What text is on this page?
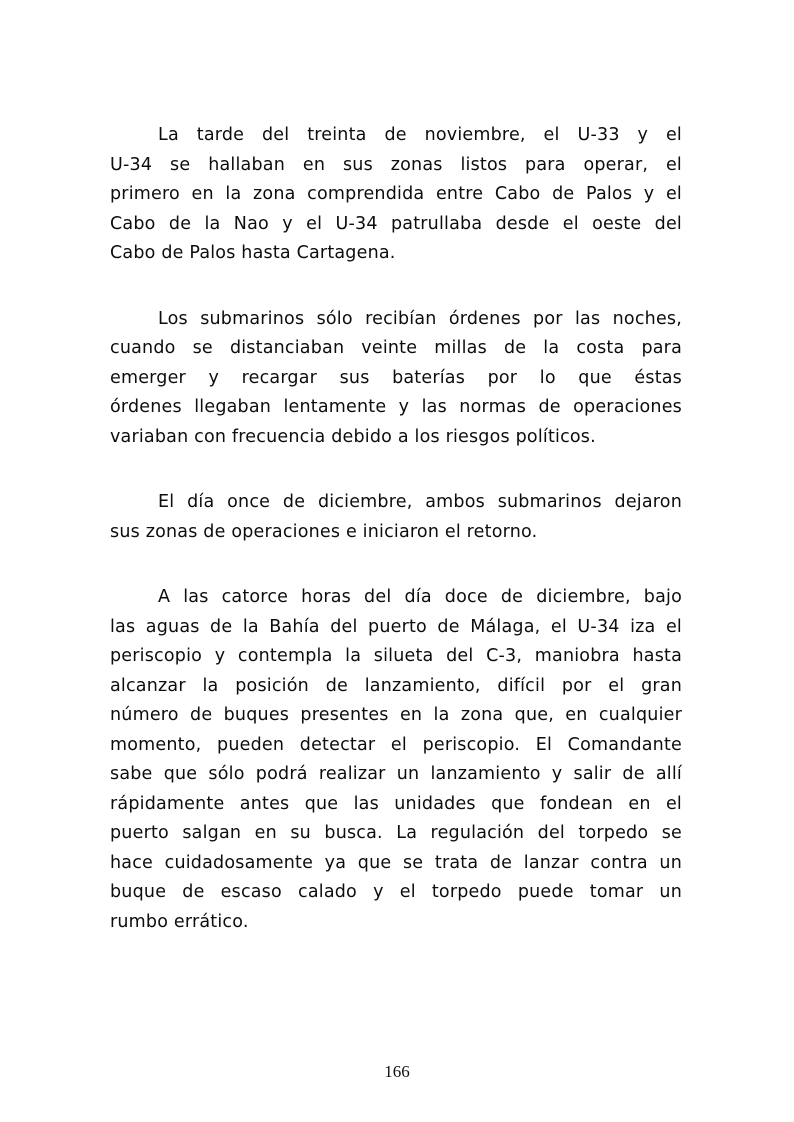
La tarde del treinta de noviembre, el U-33 y el
U-34 se hallaban en sus zonas listos para operar, el
primero en la zona comprendida entre Cabo de Palos y el
Cabo de la Nao y el U-34 patrullaba desde el oeste del
Cabo de Palos hasta Cartagena.
Los submarinos sólo recibían órdenes por las noches,
cuando se distanciaban veinte millas de la costa para
emerger y recargar sus baterías por lo que éstas
órdenes llegaban lentamente y las normas de operaciones
variaban con frecuencia debido a los riesgos políticos.
El día once de diciembre, ambos submarinos dejaron
sus zonas de operaciones e iniciaron el retorno.
A las catorce horas del día doce de diciembre, bajo
las aguas de la Bahía del puerto de Málaga, el U-34 iza el
periscopio y contempla la silueta del C-3, maniobra hasta
alcanzar la posición de lanzamiento, difícil por el gran
número de buques presentes en la zona que, en cualquier
momento, pueden detectar el periscopio. El Comandante
sabe que sólo podrá realizar un lanzamiento y salir de allí
rápidamente antes que las unidades que fondean en el
puerto salgan en su busca. La regulación del torpedo se
hace cuidadosamente ya que se trata de lanzar contra un
buque de escaso calado y el torpedo puede tomar un
rumbo errático.
166
